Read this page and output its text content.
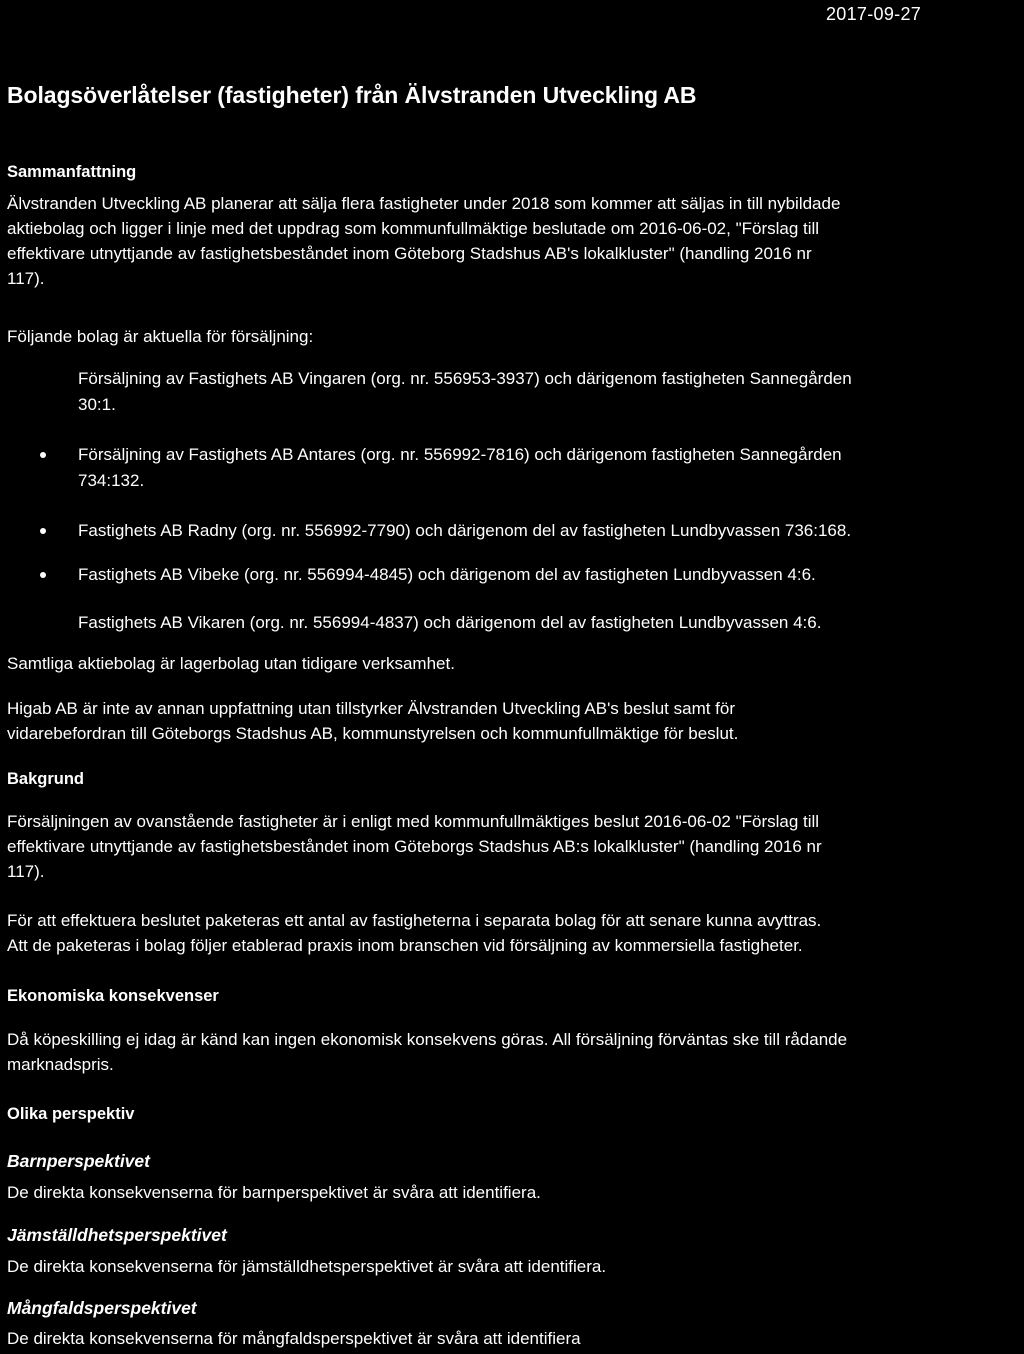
2017-09-27
Bolagsöverlåtelser (fastigheter) från Älvstranden Utveckling AB
Sammanfattning
Älvstranden Utveckling AB planerar att sälja flera fastigheter under 2018 som kommer att säljas in till nybildade
aktiebolag och ligger i linje med det uppdrag som kommunfullmäktige beslutade om 2016-06-02, "Förslag till
effektivare utnyttjande av fastighetsbeståndet inom Göteborg Stadshus AB's lokalkluster" (handling 2016 nr
117).
Följande bolag är aktuella för försäljning:
Försäljning av Fastighets AB Vingaren (org. nr. 556953-3937) och därigenom fastigheten Sannegården
30:1.
Försäljning av Fastighets AB Antares (org. nr. 556992-7816) och därigenom fastigheten Sannegården
734:132.
Fastighets AB Radny (org. nr. 556992-7790) och därigenom del av fastigheten Lundbyvassen 736:168.
Fastighets AB Vibeke (org. nr. 556994-4845) och därigenom del av fastigheten Lundbyvassen 4:6.
Fastighets AB Vikaren (org. nr. 556994-4837) och därigenom del av fastigheten Lundbyvassen 4:6.
Samtliga aktiebolag är lagerbolag utan tidigare verksamhet.
Higab AB är inte av annan uppfattning utan tillstyrker Älvstranden Utveckling AB's beslut samt för
vidarebefordran till Göteborgs Stadshus AB, kommunstyrelsen och kommunfullmäktige för beslut.
Bakgrund
Försäljningen av ovanstående fastigheter är i enligt med kommunfullmäktiges beslut 2016-06-02 "Förslag till
effektivare utnyttjande av fastighetsbeståndet inom Göteborgs Stadshus AB:s lokalkluster" (handling 2016 nr
117).
För att effektuera beslutet paketeras ett antal av fastigheterna i separata bolag för att senare kunna avyttras.
Att de paketeras i bolag följer etablerad praxis inom branschen vid försäljning av kommersiella fastigheter.
Ekonomiska konsekvenser
Då köpeskilling ej idag är känd kan ingen ekonomisk konsekvens göras. All försäljning förväntas ske till rådande
marknadspris.
Olika perspektiv
Barnperspektivet
De direkta konsekvenserna för barnperspektivet är svåra att identifiera.
Jämställdhetsperspektivet
De direkta konsekvenserna för jämställdhetsperspektivet är svåra att identifiera.
Mångfaldsperspektivet
De direkta konsekvenserna för mångfaldsperspektivet är svåra att identifiera
